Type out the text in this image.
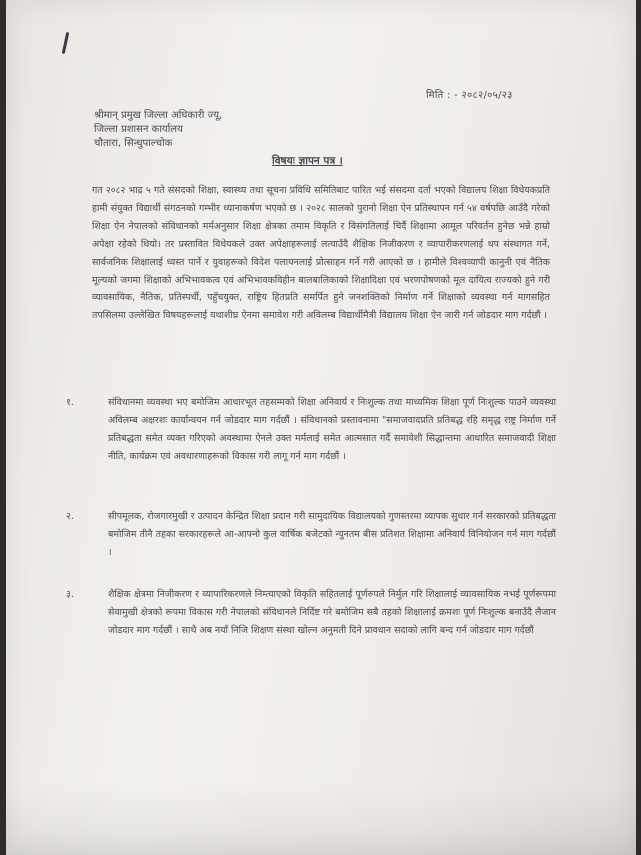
मिति : - २०८२/०५/२३
श्रीमान् प्रमुख जिल्ला अधिकारी ज्यू,
जिल्ला प्रशासन कार्यालय
चौतारा, सिन्धुपाल्चोक
विषयः ज्ञापन पत्र ।
गत २०८२ भाद्र ५ गते संसदको शिक्षा, स्वास्थ्य तथा सूचना प्रविधि समितिबाट पारित भई संसदमा दर्ता भएको विद्यालय शिक्षा विधेयकप्रति हामी संयुक्त विद्यार्थी संगठनको गम्भीर ध्यानाकर्षण भएको छ । २०२८ सालको पुरानो शिक्षा ऐन प्रतिस्थापन गर्न ५४ वर्षपछि आउँदै गरेको शिक्षा ऐन नेपालको संविधानको मर्मअनुसार शिक्षा क्षेत्रका तमाम विकृति र विसंगतिलाई चिर्दै शिक्षामा आमूल परिवर्तन हुनेछ भन्ने हाम्रो अपेक्षा रहेको थियो। तर प्रस्तावित विधेयकले उक्त अपेक्षाहरूलाई लत्याउँदै शैक्षिक निजीकरण र व्यापारीकरणलाई थप संस्थागत गर्ने, सार्वजनिक शिक्षालाई ध्वस्त पार्ने र युवाहरूको विदेश पलायनलाई प्रोत्साहन गर्ने गरी आएको छ । हामीले विश्वव्यापी कानुनी एवं नैतिक मूल्यको जगमा शिक्षाको अभिभावकत्व एवं अभिभावकविहीन बालबालिकाको शिक्षादिक्षा एवं भरणपोषणको मूल दायित्व राज्यको हुने गरी व्यावसायिक, नैतिक, प्रतिस्पर्धी, पहुँचयुक्त, राष्ट्रिय हितप्रति समर्पित हुने जनशक्तिको निर्माण गर्ने शिक्षाको व्यवस्था गर्न मागसहित तपसिलमा उल्लेखित विषयहरूलाई यथाशीघ्र ऐनमा समावेश गरी अविलम्ब विद्यार्थीमैत्री विद्यालय शिक्षा ऐन जारी गर्न जोडदार माग गर्दछौं ।
१.	संविधानमा व्यवस्था भए बमोजिम आधारभूत तहसम्मको शिक्षा अनिवार्य र निःशुल्क तथा माध्यमिक शिक्षा पूर्ण निःशुल्क पाउने व्यवस्था अविलम्ब अक्षरशः कार्यान्वयन गर्न जोडदार माग गर्दछौं । संविधानको प्रस्तावनामा "समाजवादप्रति प्रतिबद्ध रहि समृद्ध राष्ट्र निर्माण गर्ने प्रतिबद्धता समेत व्यक्त गरिएको अवस्थामा ऐनले उक्त मर्मलाई समेत आत्मसात गर्दै समावेशी सिद्धान्तमा आधारित समाजवादी शिक्षा नीति, कार्यक्रम एवं अवधारणाहरूको विकास गरी लागू गर्न माग गर्दछौं ।
२.	सीपमूलक, रोजगारमुखी र उत्पादन केन्द्रित शिक्षा प्रदान गरी सामुदायिक विद्यालयको गुणस्तरमा व्यापक सुधार गर्न सरकारको प्रतिबद्धता बमोजिम तीनै तहका सरकारहरूले आ-आफ्नो कुल वार्षिक बजेटको न्युनतम बीस प्रतिशत शिक्षामा अनिवार्य विनियोजन गर्न माग गर्दछौं ।
३.	शैक्षिक क्षेत्रमा निजीकरण र व्यापारिकरणले निम्त्याएको विकृति सहितलाई पूर्णरुपले निर्मुल गरि शिक्षालाई व्यावसायिक नभई पूर्णरूपमा सेवामुखी क्षेत्रको रूपमा विकास गरी नेपालको संविधानले निर्दिष्ट गरे बमोजिम सबै तहको शिक्षालाई क्रमशः पूर्ण निःशुल्क बनाउँदै लैजान जोडदार माग गर्दछौं । साथै अब नयाँ निजि शिक्षण संस्था खोल्न अनुमती दिने प्रावधान सदाको लागि बन्द गर्न जोडदार माग गर्दछौं
